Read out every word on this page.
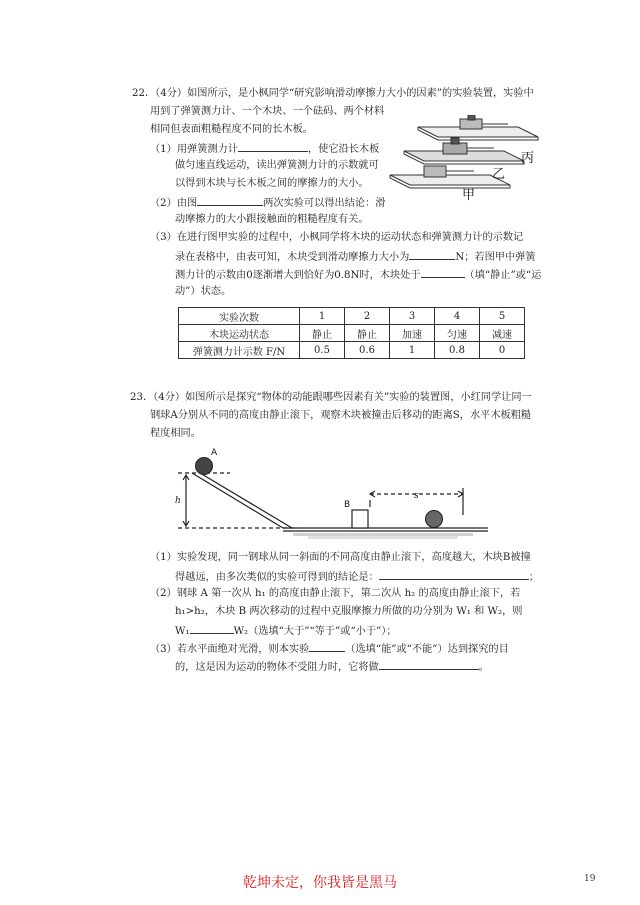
22．（4分）如图所示，是小枫同学“研究影响滑动摩擦力大小的因素”的实验装置，实验中
用到了弹簧测力计、一个木块、一个砝码、两个材料
相同但表面粗糙程度不同的长木板。
（1）用弹簧测力计	，使它沿长木板
做匀速直线运动，读出弹簧测力计的示数就可
以得到木块与长木板之间的摩擦力的大小。
（2）由图	两次实验可以得出结论：滑
动摩擦力的大小跟接触面的粗糙程度有关。
（3）在进行图甲实验的过程中，小枫同学将木块的运动状态和弹簧测力计的示数记
录在表格中，由表可知，木块受到滑动摩擦力大小为	N；若图甲中弹簧
测力计的示数由0逐渐增大到恰好为0.8N时，木块处于	（填“静止”或“运
动”）状态。
丙
乙
甲
实验次数	1	2	3	4	5
木块运动状态	静止	静止	加速	匀速	减速
弹簧测力计示数 F/N	0.5	0.6	1	0.8	0
23．（4分）如图所示是探究“物体的动能跟哪些因素有关”实验的装置图，小红同学让同一
钢球A分别从不同的高度由静止滚下，观察木块被撞击后移动的距离S，水平木板粗糙
程度相同。
A
h	B
s
（1）实验发现，同一钢球从同一斜面的不同高度由静止滚下，高度越大，木块B被撞
得越远，由多次类似的实验可得到的结论是：	；
（2）钢球 A 第一次从 h₁ 的高度由静止滚下，第二次从 h₂ 的高度由静止滚下，若
h₁>h₂，木块 B 两次移动的过程中克服摩擦力所做的功分别为 W₁ 和 W₂，则
W₁	W₂（选填“大于”“等于”或“小于”）；
（3）若水平面绝对光滑，则本实验	（选填“能”或“不能”）达到探究的目
的，这是因为运动的物体不受阻力时，它将做	。
乾坤未定，你我皆是黑马	19
